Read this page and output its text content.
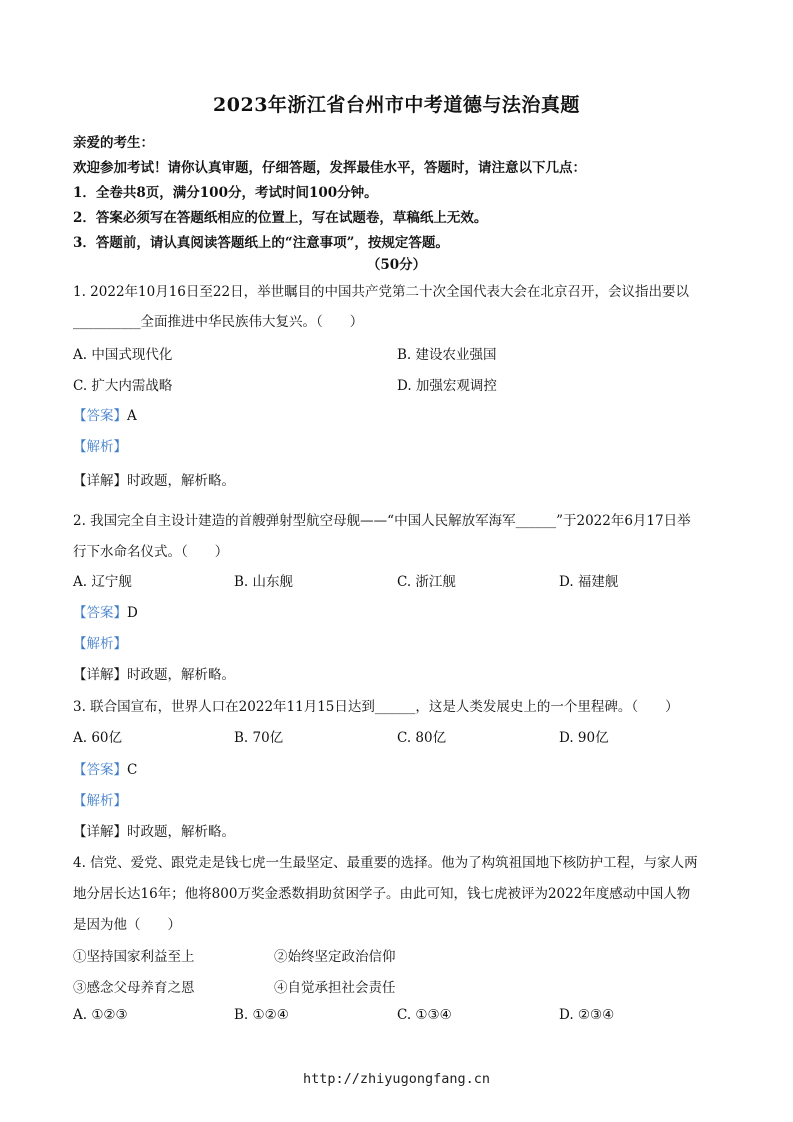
2023年浙江省台州市中考道德与法治真题
亲爱的考生：
欢迎参加考试！请你认真审题，仔细答题，发挥最佳水平，答题时，请注意以下几点：
1．全卷共8页，满分100分，考试时间100分钟。
2．答案必须写在答题纸相应的位置上，写在试题卷，草稿纸上无效。
3．答题前，请认真阅读答题纸上的“注意事项”，按规定答题。
（50分）
1. 2022年10月16日至22日，举世瞩目的中国共产党第二十次全国代表大会在北京召开，会议指出要以
__________全面推进中华民族伟大复兴。（　　）
A. 中国式现代化	B. 建设农业强国
C. 扩大内需战略	D. 加强宏观调控
【答案】A
【解析】
【详解】时政题，解析略。
2. 我国完全自主设计建造的首艘弹射型航空母舰——“中国人民解放军海军______”于2022年6月17日举
行下水命名仪式。（　　）
A. 辽宁舰	B. 山东舰	C. 浙江舰	D. 福建舰
【答案】D
【解析】
【详解】时政题，解析略。
3. 联合国宣布，世界人口在2022年11月15日达到______，这是人类发展史上的一个里程碑。（　　）
A. 60亿	B. 70亿	C. 80亿	D. 90亿
【答案】C
【解析】
【详解】时政题，解析略。
4. 信党、爱党、跟党走是钱七虎一生最坚定、最重要的选择。他为了构筑祖国地下核防护工程，与家人两
地分居长达16年；他将800万奖金悉数捐助贫困学子。由此可知，钱七虎被评为2022年度感动中国人物
是因为他（　　）
①坚持国家利益至上	②始终坚定政治信仰
③感念父母养育之恩	④自觉承担社会责任
A. ①②③	B. ①②④	C. ①③④	D. ②③④
http://zhiyugongfang.cn
